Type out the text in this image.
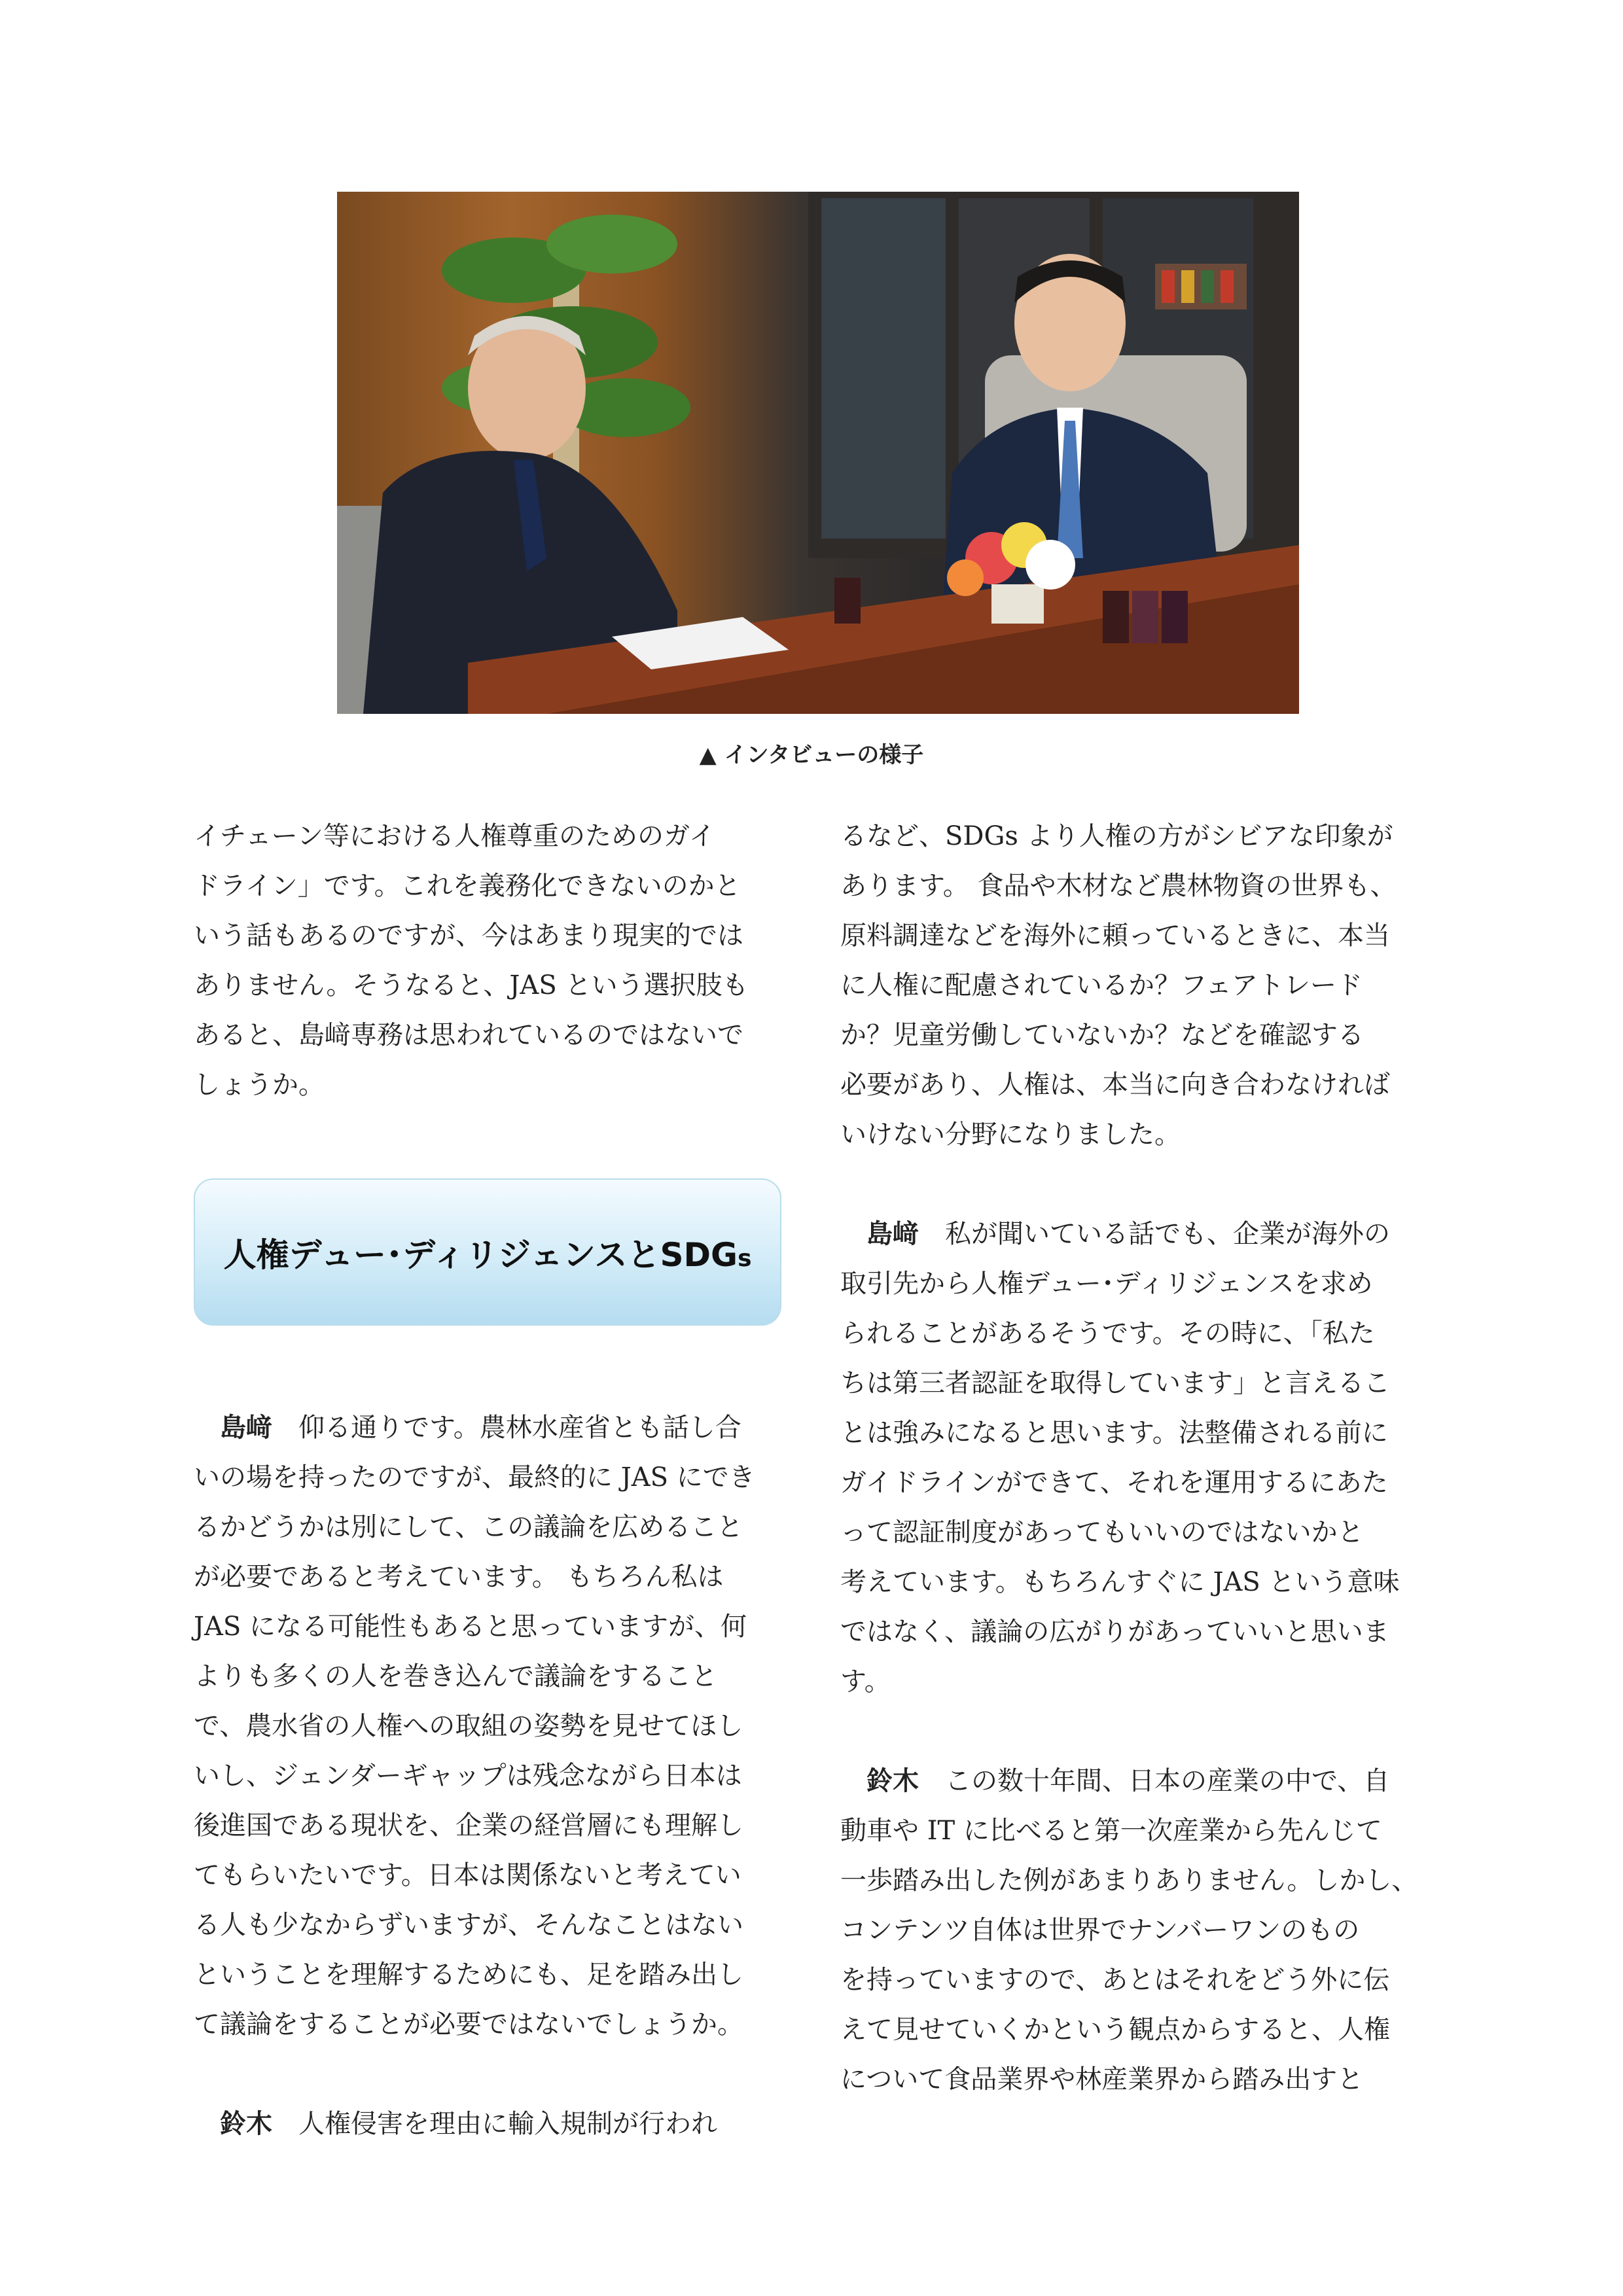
▲ インタビューの様子
イチェーン等における人権尊重のためのガイ
ドライン」です。これを義務化できないのかと
いう話もあるのですが、今はあまり現実的では
ありません。そうなると、JAS という選択肢も
あると、島﨑専務は思われているのではないで
しょうか。
　島﨑　 仰る通りです。農林水産省とも話し合
いの場を持ったのですが、最終的に JAS にでき
るかどうかは別にして、この議論を広めること
が必要であると考えています。 もちろん私は
JAS になる可能性もあると思っていますが、何
よりも多くの人を巻き込んで議論をすること
で、農水省の人権への取組の姿勢を見せてほし
いし、ジェンダーギャップは残念ながら日本は
後進国である現状を、企業の経営層にも理解し
てもらいたいです。日本は関係ないと考えてい
る人も少なからずいますが、そんなことはない
ということを理解するためにも、足を踏み出し
て議論をすることが必要ではないでしょうか。
　鈴木　 人権侵害を理由に輸入規制が行われ
人権デュー･ディリジェンスとSDGs
るなど、SDGs より人権の方がシビアな印象が
あります。 食品や木材など農林物資の世界も、
原料調達などを海外に頼っているときに、本当
に人権に配慮されているか？フェアトレード
か？児童労働していないか？などを確認する
必要があり、人権は、本当に向き合わなければ
いけない分野になりました。
　島﨑　 私が聞いている話でも、企業が海外の
取引先から人権デュー･ディリジェンスを求め
られることがあるそうです。その時に、「私た
ちは第三者認証を取得しています」と言えるこ
とは強みになると思います。法整備される前に
ガイドラインができて、それを運用するにあた
って認証制度があってもいいのではないかと
考えています。もちろんすぐに JAS という意味
ではなく、議論の広がりがあっていいと思いま
す。
　鈴木　 この数十年間、日本の産業の中で、自
動車や IT に比べると第一次産業から先んじて
一歩踏み出した例があまりありません。しかし、
コンテンツ自体は世界でナンバーワンのもの
を持っていますので、あとはそれをどう外に伝
えて見せていくかという観点からすると、人権
について食品業界や林産業界から踏み出すと
